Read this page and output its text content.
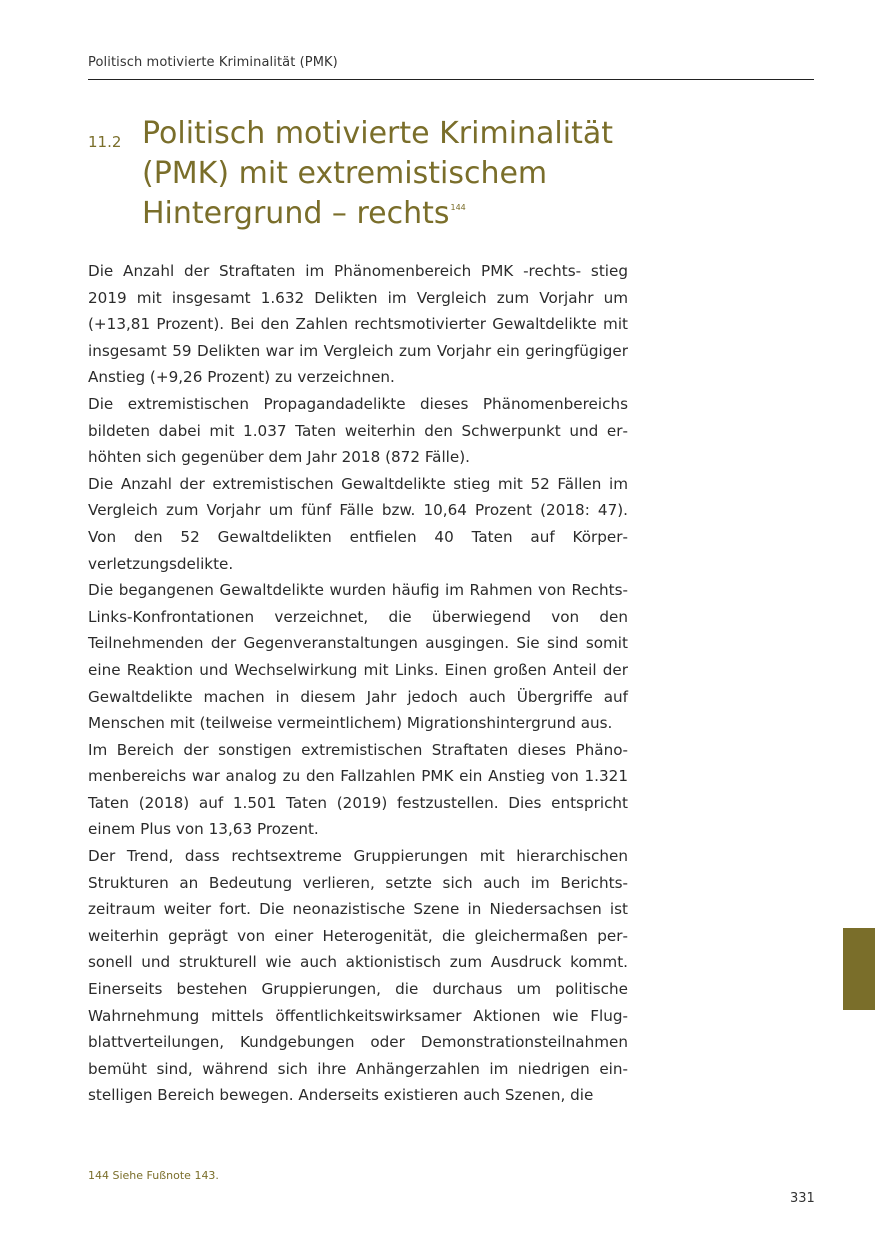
Politisch motivierte Kriminalität (PMK)
11.2 Politisch motivierte Kriminalität (PMK) mit extremistischem Hintergrund – rechts$^{144}$

Die Anzahl der Straftaten im Phänomenbereich PMK -rechts- stieg 2019 mit insgesamt 1.632 Delikten im Vergleich zum Vorjahr um (+13,81 Prozent). Bei den Zahlen rechtsmotivierter Gewaltdelikte mit insgesamt 59 Delikten war im Vergleich zum Vorjahr ein geringfügiger Anstieg (+9,26 Prozent) zu verzeichnen.

Die extremistischen Propagandadelikte dieses Phänomenbereichs bildeten dabei mit 1.037 Taten weiterhin den Schwerpunkt und erhöhten sich gegenüber dem Jahr 2018 (872 Fälle).

Die Anzahl der extremistischen Gewaltdelikte stieg mit 52 Fällen im Vergleich zum Vorjahr um fünf Fälle bzw. 10,64 Prozent (2018: 47). Von den 52 Gewaltdelikten entfielen 40 Taten auf Körperverletzungsdelikte.

Die begangenen Gewaltdelikte wurden häufig im Rahmen von Rechts-Links-Konfrontationen verzeichnet, die überwiegend von den Teilnehmenden der Gegenveranstaltungen ausgingen. Sie sind somit eine Reaktion und Wechselwirkung mit Links. Einen großen Anteil der Gewaltdelikte machen in diesem Jahr jedoch auch Übergriffe auf Menschen mit (teilweise vermeintlichem) Migrationshintergrund aus.

Im Bereich der sonstigen extremistischen Straftaten dieses Phänomenbereichs war analog zu den Fallzahlen PMK ein Anstieg von 1.321 Taten (2018) auf 1.501 Taten (2019) festzustellen. Dies entspricht einem Plus von 13,63 Prozent.

Der Trend, dass rechtsextreme Gruppierungen mit hierarchischen Strukturen an Bedeutung verlieren, setzte sich auch im Berichtszeitraum weiter fort. Die neonazistische Szene in Niedersachsen ist weiterhin geprägt von einer Heterogenität, die gleichermaßen personell und strukturell wie auch aktionistisch zum Ausdruck kommt. Einerseits bestehen Gruppierungen, die durchaus um politische Wahrnehmung mittels öffentlichkeitswirksamer Aktionen wie Flugblattverteilungen, Kundgebungen oder Demonstrationsteilnahmen bemüht sind, während sich ihre Anhängerzahlen im niedrigen einstelligen Bereich bewegen. Anderseits existieren auch Szenen, die

144 Siehe Fußnote 143.
331
